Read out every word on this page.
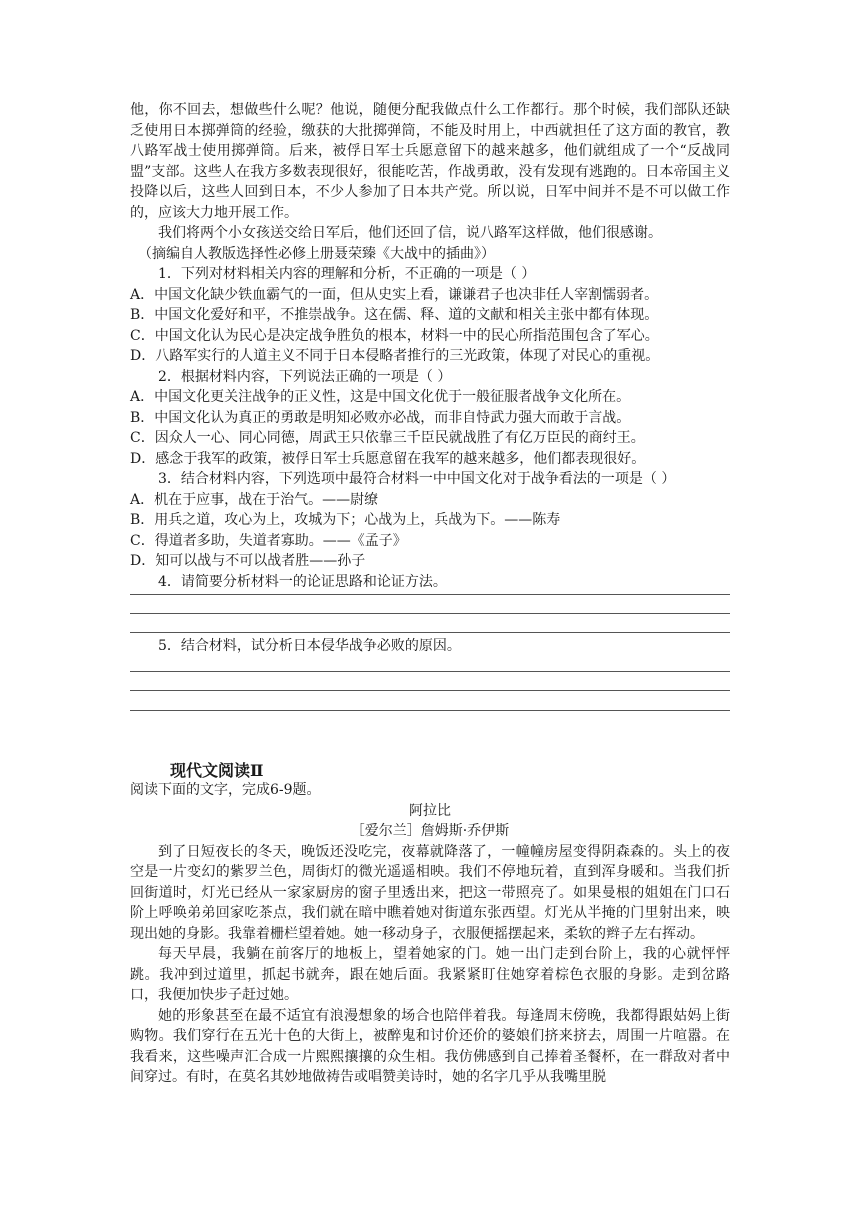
他，你不回去，想做些什么呢？他说，随便分配我做点什么工作都行。那个时候，我们部队还缺乏使用日本掷弹筒的经验，缴获的大批掷弹筒，不能及时用上，中西就担任了这方面的教官，教八路军战士使用掷弹筒。后来，被俘日军士兵愿意留下的越来越多，他们就组成了一个“反战同盟”支部。这些人在我方多数表现很好，很能吃苦，作战勇敢，没有发现有逃跑的。日本帝国主义投降以后，这些人回到日本，不少人参加了日本共产党。所以说，日军中间并不是不可以做工作的，应该大力地开展工作。

我们将两个小女孩送交给日军后，他们还回了信，说八路军这样做，他们很感谢。

（摘编自人教版选择性必修上册聂荣臻《大战中的插曲》）

1．下列对材料相关内容的理解和分析，不正确的一项是（ ）

A．中国文化缺少铁血霸气的一面，但从史实上看，谦谦君子也决非任人宰割懦弱者。

B．中国文化爱好和平，不推崇战争。这在儒、释、道的文献和相关主张中都有体现。

C．中国文化认为民心是决定战争胜负的根本，材料一中的民心所指范围包含了军心。

D．八路军实行的人道主义不同于日本侵略者推行的三光政策，体现了对民心的重视。

2．根据材料内容，下列说法正确的一项是（ ）

A．中国文化更关注战争的正义性，这是中国文化优于一般征服者战争文化所在。

B．中国文化认为真正的勇敢是明知必败亦必战，而非自恃武力强大而敢于言战。

C．因众人一心、同心同德，周武王只依靠三千臣民就战胜了有亿万臣民的商纣王。

D．感念于我军的政策，被俘日军士兵愿意留在我军的越来越多，他们都表现很好。

3．结合材料内容，下列选项中最符合材料一中中国文化对于战争看法的一项是（ ）

A．机在于应事，战在于治气。——尉缭

B．用兵之道，攻心为上，攻城为下；心战为上，兵战为下。——陈寿

C．得道者多助，失道者寡助。——《孟子》

D．知可以战与不可以战者胜——孙子

4．请简要分析材料一的论证思路和论证方法。

5．结合材料，试分析日本侵华战争必败的原因。

现代文阅读Ⅱ

阅读下面的文字，完成6-9题。

阿拉比

［爱尔兰］詹姆斯·乔伊斯

到了日短夜长的冬天，晚饭还没吃完，夜幕就降落了，一幢幢房屋变得阴森森的。头上的夜空是一片变幻的紫罗兰色，周街灯的微光遥遥相映。我们不停地玩着，直到浑身暖和。当我们折回街道时，灯光已经从一家家厨房的窗子里透出来，把这一带照亮了。如果曼根的姐姐在门口石阶上呼唤弟弟回家吃茶点，我们就在暗中瞧着她对街道东张西望。灯光从半掩的门里射出来，映现出她的身影。我靠着栅栏望着她。她一移动身子，衣服便摇摆起来，柔软的辫子左右挥动。

每天早晨，我躺在前客厅的地板上，望着她家的门。她一出门走到台阶上，我的心就怦怦跳。我冲到过道里，抓起书就奔，跟在她后面。我紧紧盯住她穿着棕色衣服的身影。走到岔路口，我便加快步子赶过她。

她的形象甚至在最不适宜有浪漫想象的场合也陪伴着我。每逢周末傍晚，我都得跟姑妈上街购物。我们穿行在五光十色的大街上，被醉鬼和讨价还价的婆娘们挤来挤去，周围一片喧嚣。在我看来，这些噪声汇合成一片熙熙攘攘的众生相。我仿佛感到自己捧着圣餐杯，在一群敌对者中间穿过。有时，在莫名其妙地做祷告或唱赞美诗时，她的名字几乎从我嘴里脱
